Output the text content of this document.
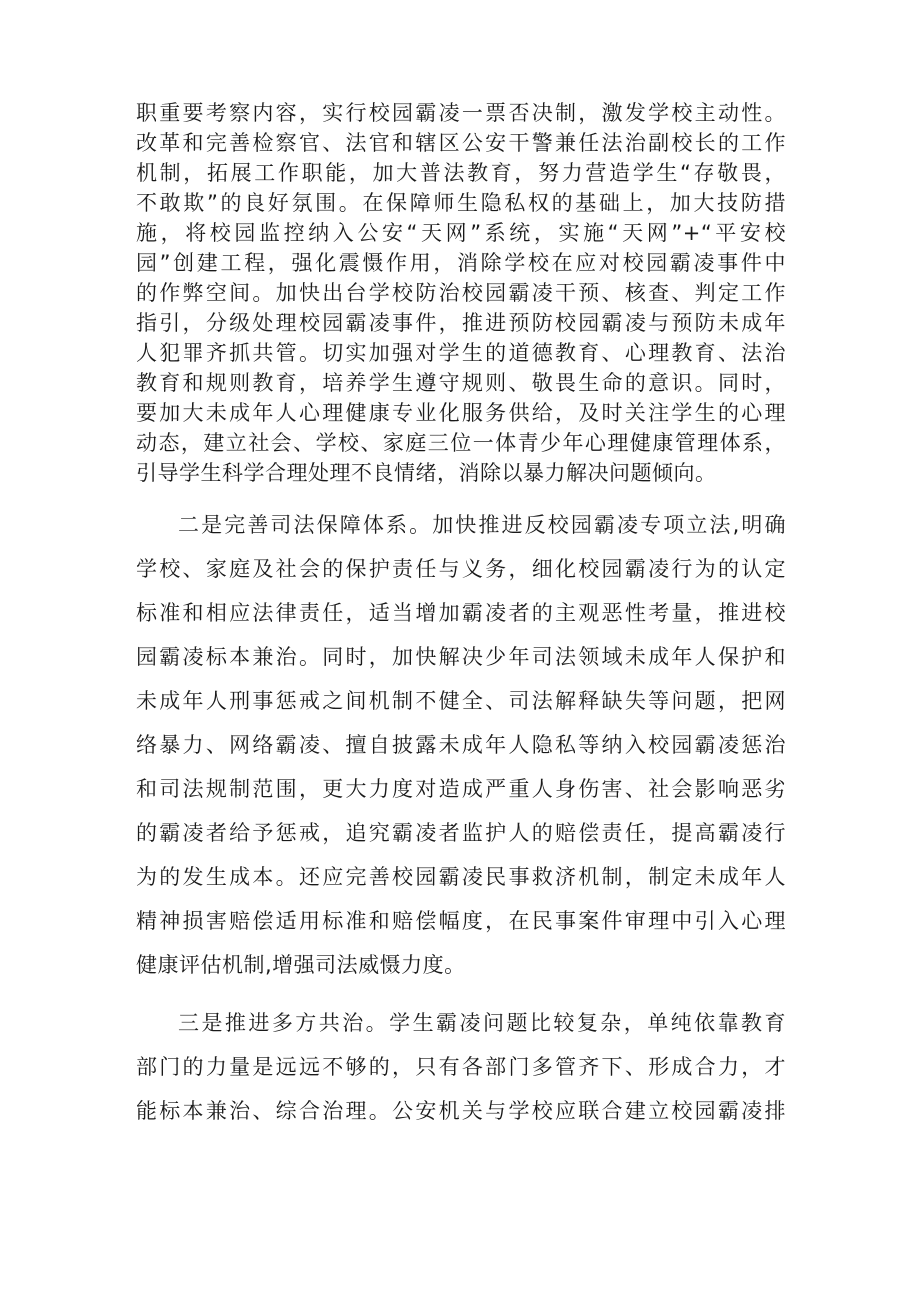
职重要考察内容，实行校园霸凌一票否决制，激发学校主动性。
改革和完善检察官、法官和辖区公安干警兼任法治副校长的工作
机制，拓展工作职能，加大普法教育，努力营造学生“存敬畏，
不敢欺”的良好氛围。在保障师生隐私权的基础上，加大技防措
施，将校园监控纳入公安“天网”系统，实施“天网”+“平安校
园”创建工程，强化震慑作用，消除学校在应对校园霸凌事件中
的作弊空间。加快出台学校防治校园霸凌干预、核查、判定工作
指引，分级处理校园霸凌事件，推进预防校园霸凌与预防未成年
人犯罪齐抓共管。切实加强对学生的道德教育、心理教育、法治
教育和规则教育，培养学生遵守规则、敬畏生命的意识。同时，
要加大未成年人心理健康专业化服务供给，及时关注学生的心理
动态，建立社会、学校、家庭三位一体青少年心理健康管理体系，
引导学生科学合理处理不良情绪，消除以暴力解决问题倾向。
二是完善司法保障体系。加快推进反校园霸凌专项立法,明确
学校、家庭及社会的保护责任与义务，细化校园霸凌行为的认定
标准和相应法律责任，适当增加霸凌者的主观恶性考量，推进校
园霸凌标本兼治。同时，加快解决少年司法领域未成年人保护和
未成年人刑事惩戒之间机制不健全、司法解释缺失等问题，把网
络暴力、网络霸凌、擅自披露未成年人隐私等纳入校园霸凌惩治
和司法规制范围，更大力度对造成严重人身伤害、社会影响恶劣
的霸凌者给予惩戒，追究霸凌者监护人的赔偿责任，提高霸凌行
为的发生成本。还应完善校园霸凌民事救济机制，制定未成年人
精神损害赔偿适用标准和赔偿幅度，在民事案件审理中引入心理
健康评估机制,增强司法威慑力度。
三是推进多方共治。学生霸凌问题比较复杂，单纯依靠教育
部门的力量是远远不够的，只有各部门多管齐下、形成合力，才
能标本兼治、综合治理。公安机关与学校应联合建立校园霸凌排
